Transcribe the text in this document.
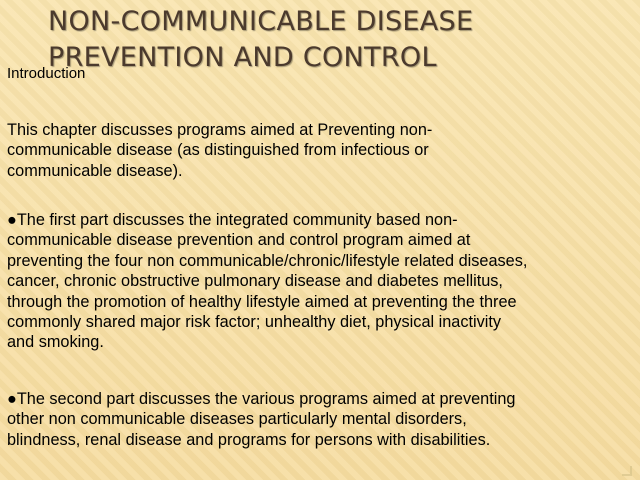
NON-COMMUNICABLE DISEASE
PREVENTION AND CONTROL
Introduction

This chapter discusses programs aimed at Preventing non-
communicable disease (as distinguished from infectious or
communicable disease).

●The first part discusses the integrated community based non-
communicable disease prevention and control program aimed at
preventing the four non communicable/chronic/lifestyle related diseases,
cancer, chronic obstructive pulmonary disease and diabetes mellitus,
through the promotion of healthy lifestyle aimed at preventing the three
commonly shared major risk factor; unhealthy diet, physical inactivity
and smoking.

●The second part discusses the various programs aimed at preventing
other non communicable diseases particularly mental disorders,
blindness, renal disease and programs for persons with disabilities.
